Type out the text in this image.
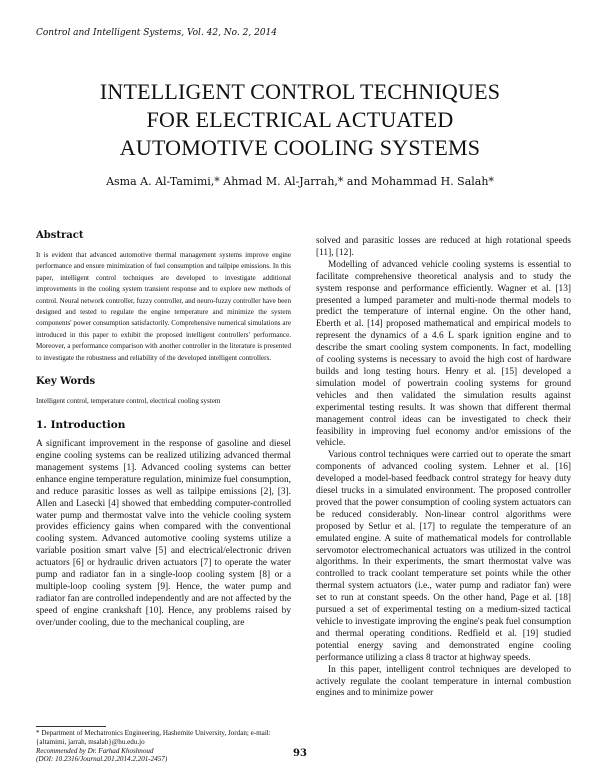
Control and Intelligent Systems, Vol. 42, No. 2, 2014
INTELLIGENT CONTROL TECHNIQUES
FOR ELECTRICAL ACTUATED
AUTOMOTIVE COOLING SYSTEMS
Asma A. Al-Tamimi,* Ahmad M. Al-Jarrah,* and Mohammad H. Salah*
Abstract

It is evident that advanced automotive thermal management systems improve engine performance and ensure minimization of fuel consumption and tailpipe emissions. In this paper, intelligent control techniques are developed to investigate additional improvements in the cooling system transient response and to explore new methods of control. Neural network controller, fuzzy controller, and neuro-fuzzy controller have been designed and tested to regulate the engine temperature and minimize the system components' power consumption satisfactorily. Comprehensive numerical simulations are introduced in this paper to exhibit the proposed intelligent controllers' performance. Moreover, a performance comparison with another controller in the literature is presented to investigate the robustness and reliability of the developed intelligent controllers.

Key Words

Intelligent control, temperature control, electrical cooling system

1. Introduction

A significant improvement in the response of gasoline and diesel engine cooling systems can be realized utilizing advanced thermal management systems [1]. Advanced cooling systems can better enhance engine temperature regulation, minimize fuel consumption, and reduce parasitic losses as well as tailpipe emissions [2], [3]. Allen and Lasecki [4] showed that embedding computer-controlled water pump and thermostat valve into the vehicle cooling system provides efficiency gains when compared with the conventional cooling system. Advanced automotive cooling systems utilize a variable position smart valve [5] and electrical/electronic driven actuators [6] or hydraulic driven actuators [7] to operate the water pump and radiator fan in a single-loop cooling system [8] or a multiple-loop cooling system [9]. Hence, the water pump and radiator fan are controlled independently and are not affected by the speed of engine crankshaft [10]. Hence, any problems raised by over/under cooling, due to the mechanical coupling, are

solved and parasitic losses are reduced at high rotational speeds [11], [12].

Modelling of advanced vehicle cooling systems is essential to facilitate comprehensive theoretical analysis and to study the system response and performance efficiently. Wagner et al. [13] presented a lumped parameter and multi-node thermal models to predict the temperature of internal engine. On the other hand, Eberth et al. [14] proposed mathematical and empirical models to represent the dynamics of a 4.6 L spark ignition engine and to describe the smart cooling system components. In fact, modelling of cooling systems is necessary to avoid the high cost of hardware builds and long testing hours. Henry et al. [15] developed a simulation model of powertrain cooling systems for ground vehicles and then validated the simulation results against experimental testing results. It was shown that different thermal management control ideas can be investigated to check their feasibility in improving fuel economy and/or emissions of the vehicle.

Various control techniques were carried out to operate the smart components of advanced cooling system. Lehner et al. [16] developed a model-based feedback control strategy for heavy duty diesel trucks in a simulated environment. The proposed controller proved that the power consumption of cooling system actuators can be reduced considerably. Non-linear control algorithms were proposed by Setlur et al. [17] to regulate the temperature of an emulated engine. A suite of mathematical models for controllable servomotor electromechanical actuators was utilized in the control algorithms. In their experiments, the smart thermostat valve was controlled to track coolant temperature set points while the other thermal system actuators (i.e., water pump and radiator fan) were set to run at constant speeds. On the other hand, Page et al. [18] pursued a set of experimental testing on a medium-sized tactical vehicle to investigate improving the engine's peak fuel consumption and thermal operating conditions. Redfield et al. [19] studied potential energy saving and demonstrated engine cooling performance utilizing a class 8 tractor at highway speeds.

In this paper, intelligent control techniques are developed to actively regulate the coolant temperature in internal combustion engines and to minimize power

* Department of Mechatronics Engineering, Hashemite University, Jordan; e-mail: {altamimi, jarrah, msalah}@hu.edu.jo
Recommended by Dr. Farhad Khoshnoud
(DOI: 10.2316/Journal.201.2014.2.201-2457)
93
